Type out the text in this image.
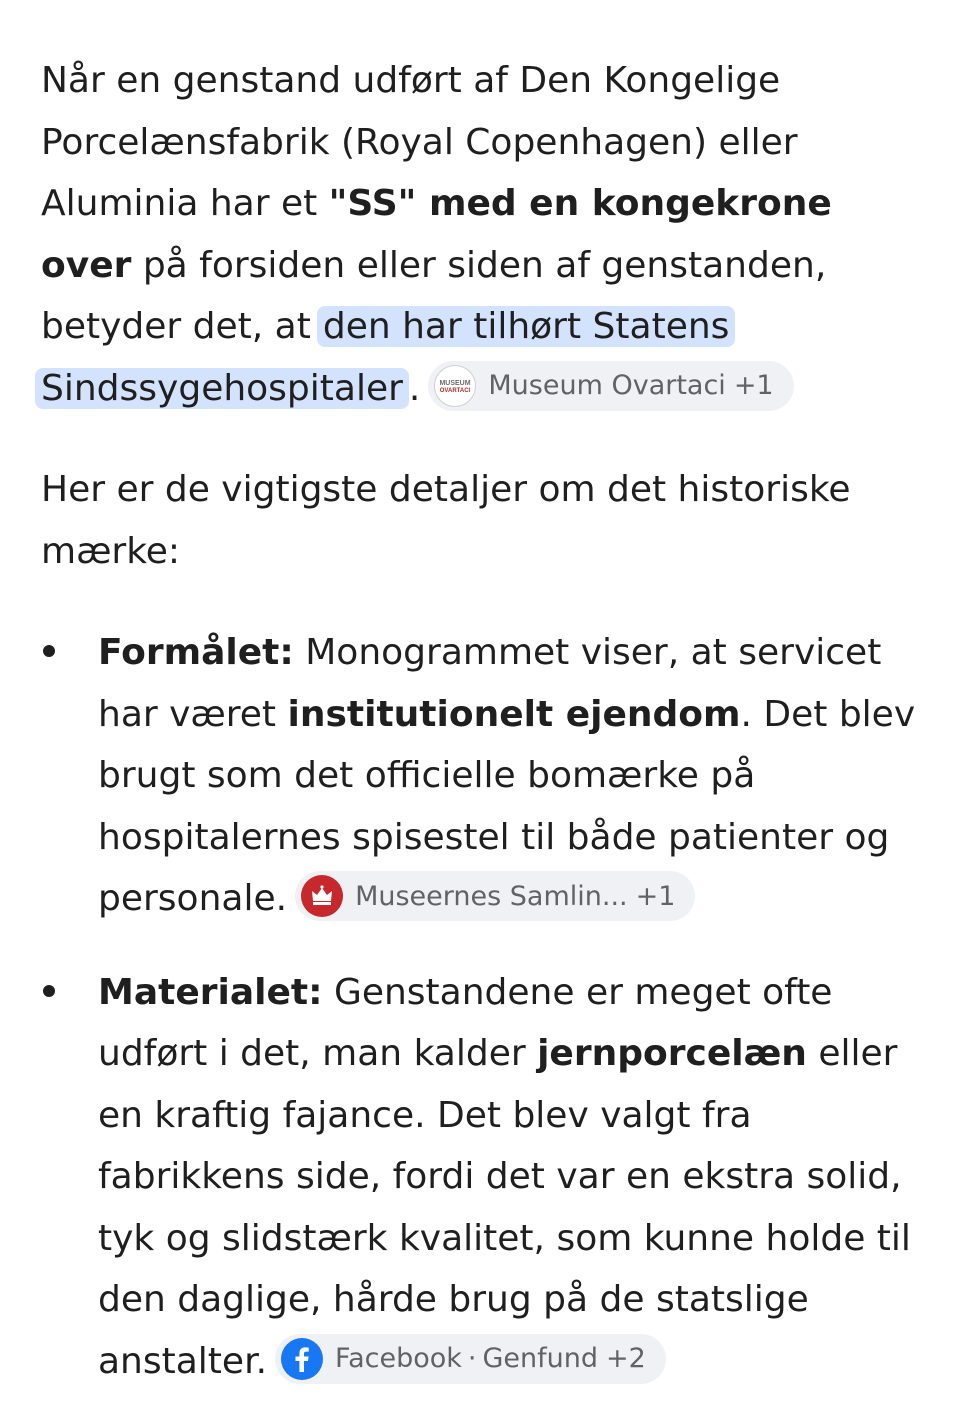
Når en genstand udført af Den Kongelige Porcelænsfabrik (Royal Copenhagen) eller Aluminia har et "SS" med en kongekrone over på forsiden eller siden af genstanden, betyder det, at den har tilhørt Statens
Sindssygehospitaler .	MUSEUM
OVARTACI Museum Ovartaci +1

Her er de vigtigste detaljer om det historiske mærke:

Formålet: Monogrammet viser, at servicet har været institutionelt ejendom. Det blev brugt som det officielle bomærke på hospitalernes spisestel til både patienter og personale.	Museernes Samlin... +1
Materialet: Genstandene er meget ofte udført i det, man kalder jernporcelæn eller en kraftig fajance. Det blev valgt fra fabrikkens side, fordi det var en ekstra solid, tyk og slidstærk kvalitet, som kunne holde til den daglige, hårde brug på de statslige anstalter.	Facebook · Genfund +2
